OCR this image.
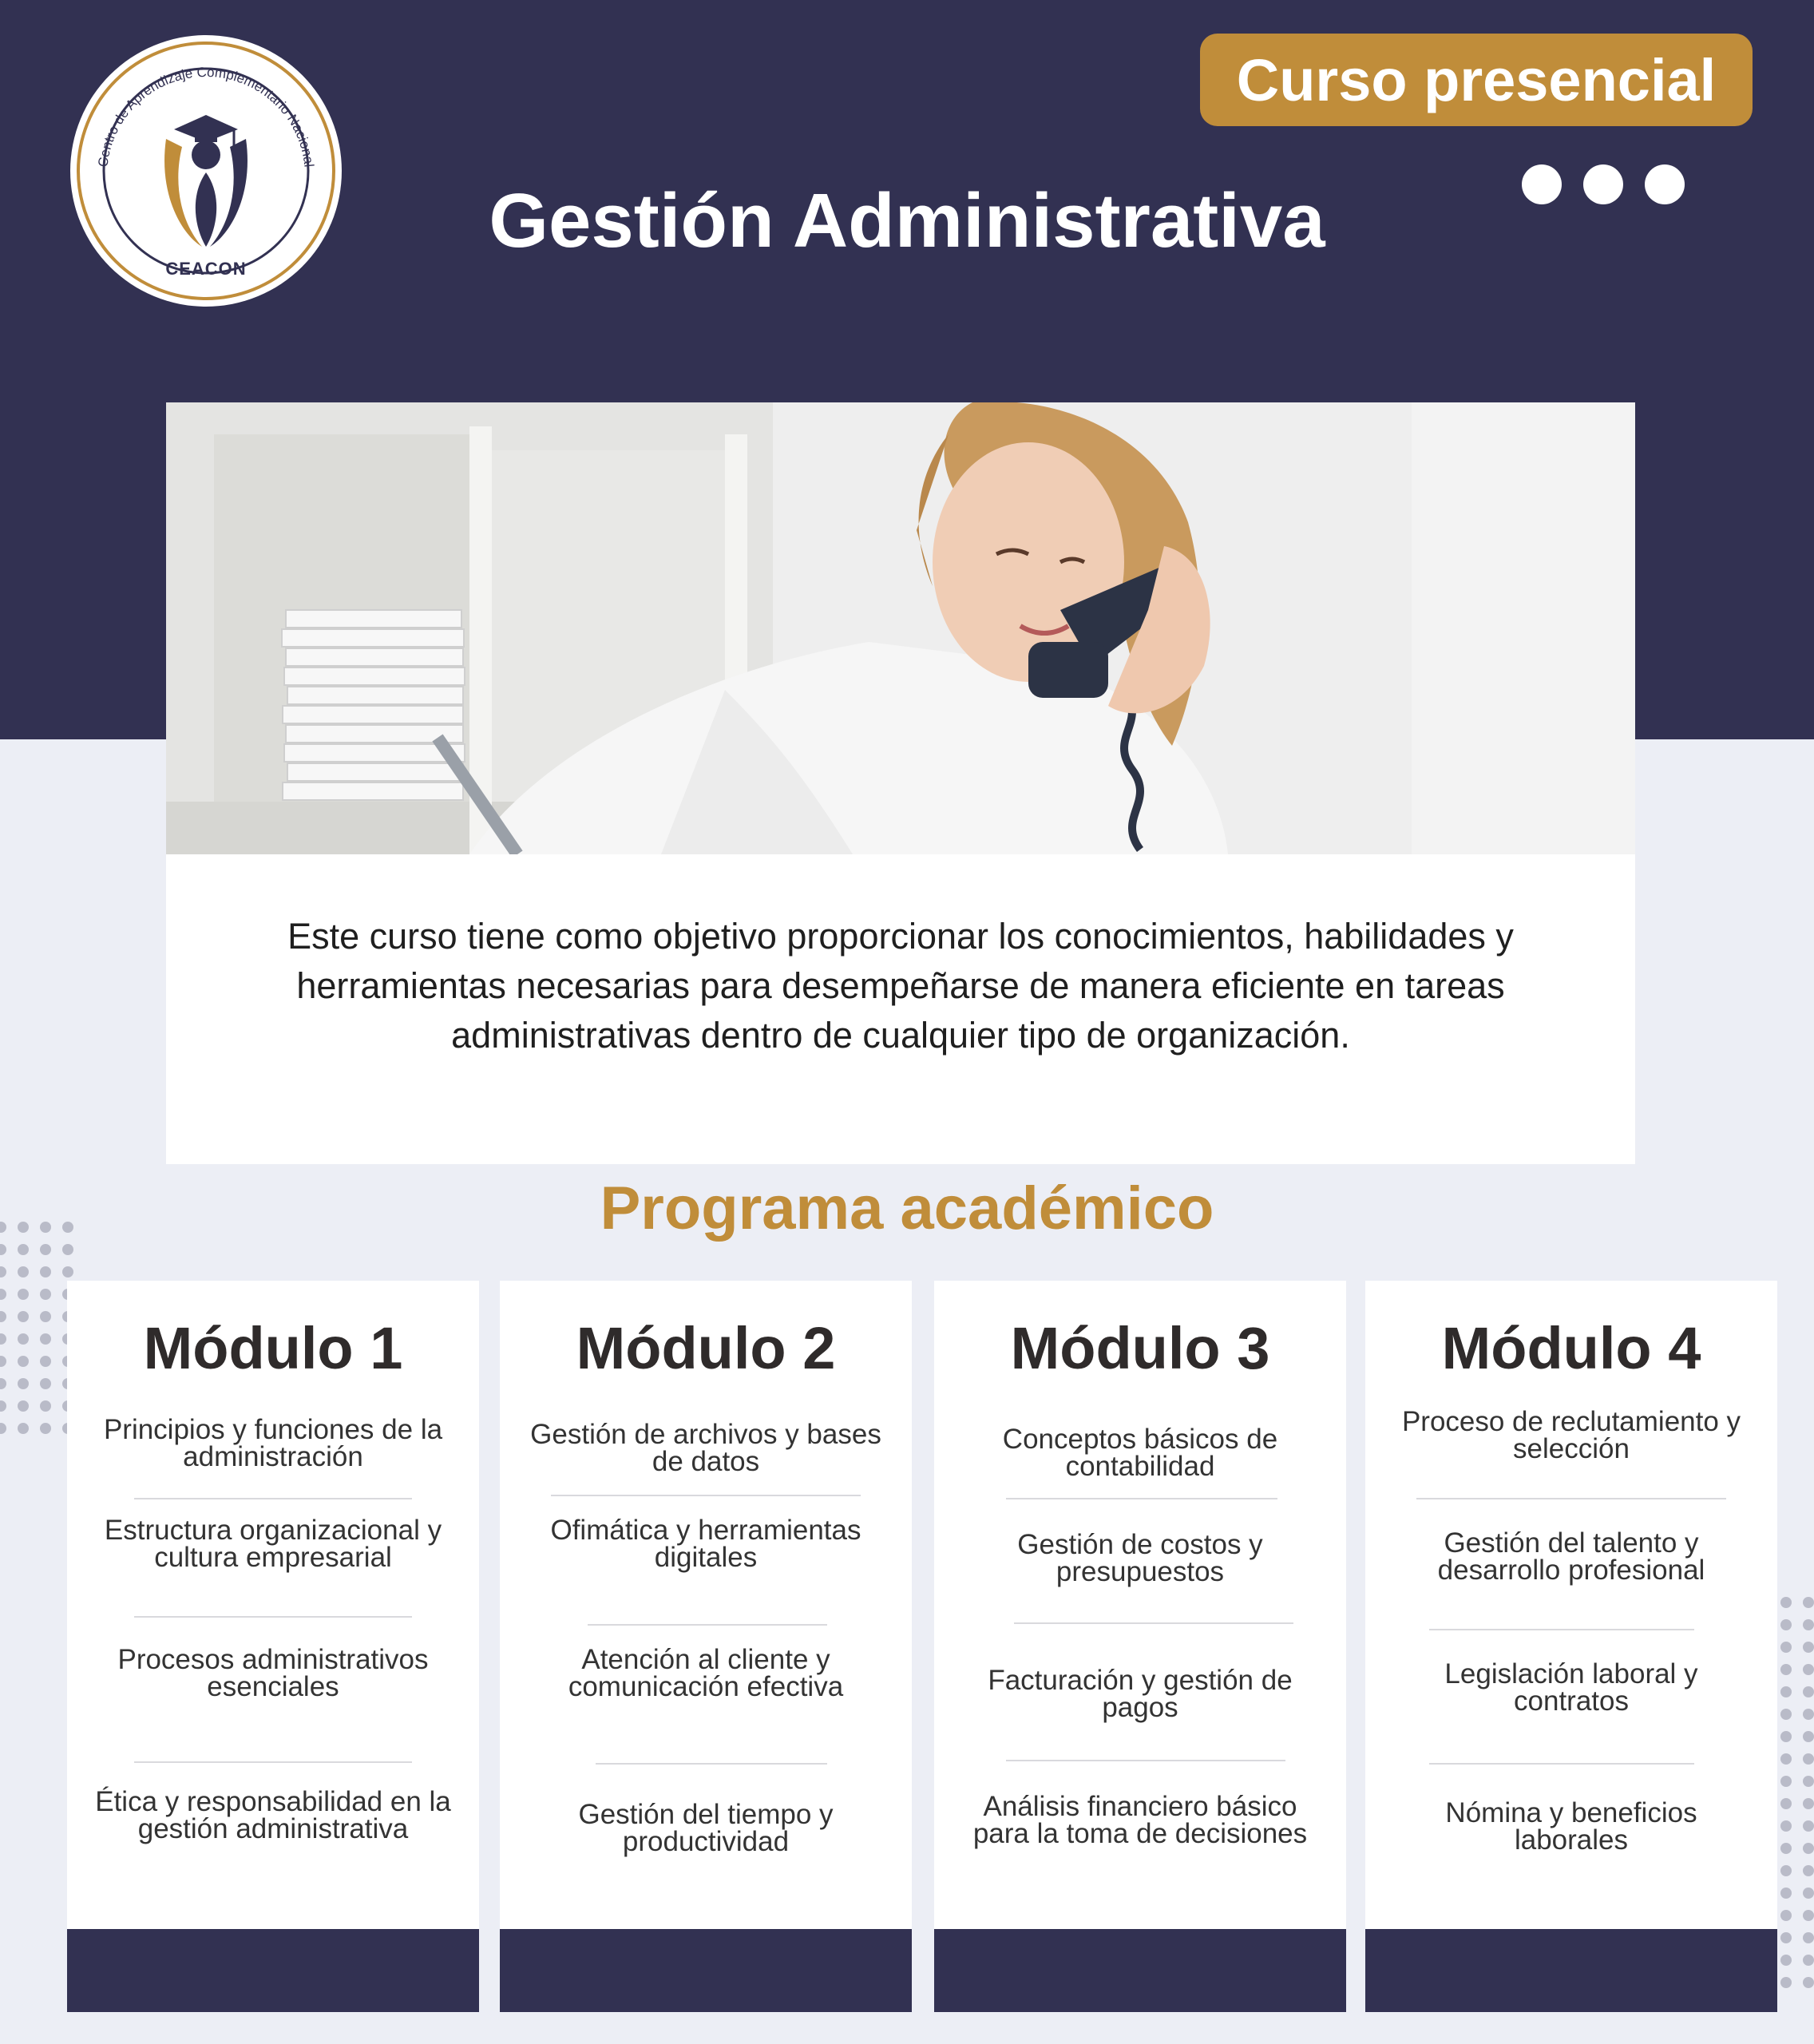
Centro de Aprendizaje Complementario Nacional
CEACON
Curso presencial
Gestión Administrativa

Este curso tiene como objetivo proporcionar los conocimientos, habilidades y herramientas necesarias para desempeñarse de manera eficiente en tareas administrativas dentro de cualquier tipo de organización.

Programa académico
Módulo 1
Principios y funciones de la administración
Estructura organizacional y cultura empresarial
Procesos administrativos esenciales
Ética y responsabilidad en la gestión administrativa
Módulo 2
Gestión de archivos y bases de datos
Ofimática y herramientas digitales
Atención al cliente y comunicación efectiva
Gestión del tiempo y productividad
Módulo 3
Conceptos básicos de contabilidad
Gestión de costos y presupuestos
Facturación y gestión de pagos
Análisis financiero básico para la toma de decisiones
Módulo 4
Proceso de reclutamiento y selección
Gestión del talento y desarrollo profesional
Legislación laboral y contratos
Nómina y beneficios laborales
